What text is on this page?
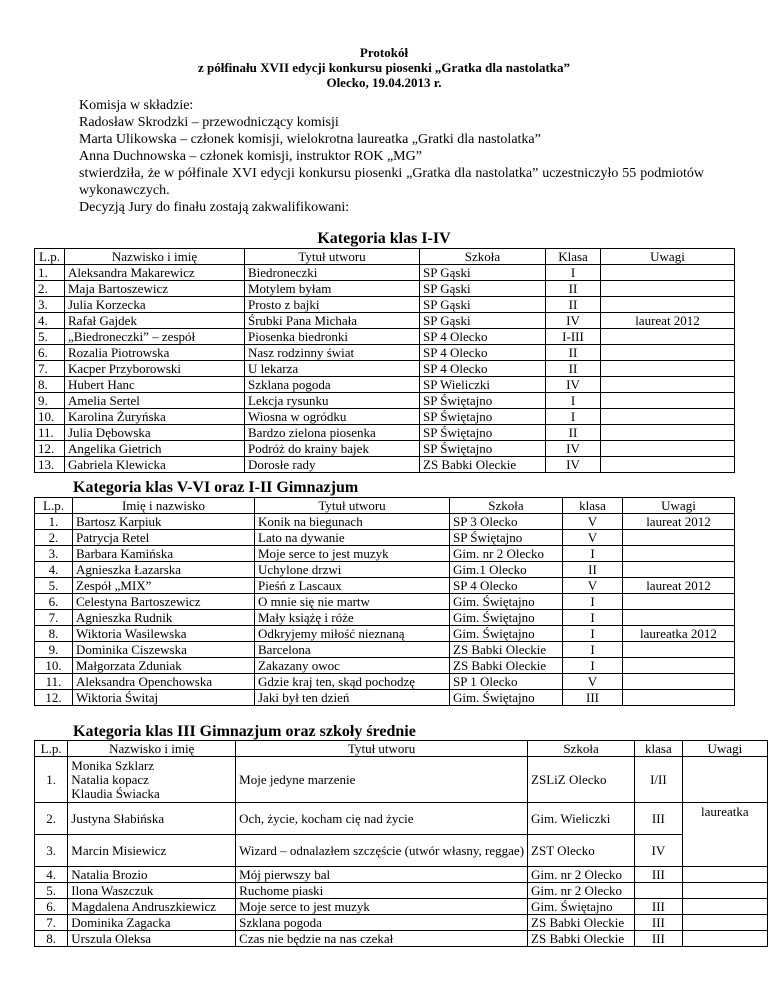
Protokół
z półfinału XVII edycji konkursu piosenki „Gratka dla nastolatka”
Olecko, 19.04.2013 r.

Komisja w składzie:

Radosław Skrodzki – przewodniczący komisji

Marta Ulikowska – członek komisji, wielokrotna laureatka „Gratki dla nastolatka”

Anna Duchnowska – członek komisji, instruktor ROK „MG”

stwierdziła, że w półfinale XVI edycji konkursu piosenki „Gratka dla nastolatka” uczestniczyło 55 podmiotów wykonawczych.

Decyzją Jury do finału zostają zakwalifikowani:

Kategoria klas I-IV
L.p.	Nazwisko i imię	Tytuł utworu	Szkoła	Klasa	Uwagi
1.	Aleksandra Makarewicz	Biedroneczki	SP Gąski	I	
2.	Maja Bartoszewicz	Motylem byłam	SP Gąski	II	
3.	Julia Korzecka	Prosto z bajki	SP Gąski	II	
4.	Rafał Gajdek	Śrubki Pana Michała	SP Gąski	IV	laureat 2012
5.	„Biedroneczki” – zespół	Piosenka biedronki	SP 4 Olecko	I-III	
6.	Rozalia Piotrowska	Nasz rodzinny świat	SP 4 Olecko	II	
7.	Kacper Przyborowski	U lekarza	SP 4 Olecko	II	
8.	Hubert Hanc	Szklana pogoda	SP Wieliczki	IV	
9.	Amelia Sertel	Lekcja rysunku	SP Świętajno	I	
10.	Karolina Żuryńska	Wiosna w ogródku	SP Świętajno	I	
11.	Julia Dębowska	Bardzo zielona piosenka	SP Świętajno	II	
12.	Angelika Gietrich	Podróż do krainy bajek	SP Świętajno	IV	
13.	Gabriela Klewicka	Dorosłe rady	ZS Babki Oleckie	IV	
Kategoria klas V-VI oraz I-II Gimnazjum
L.p.	Imię i nazwisko	Tytuł utworu	Szkoła	klasa	Uwagi
1.	Bartosz Karpiuk	Konik na biegunach	SP 3 Olecko	V	laureat 2012
2.	Patrycja Retel	Lato na dywanie	SP Świętajno	V	
3.	Barbara Kamińska	Moje serce to jest muzyk	Gim. nr 2 Olecko	I	
4.	Agnieszka Łazarska	Uchylone drzwi	Gim.1 Olecko	II	
5.	Zespół „MIX”	Pieśń z Lascaux	SP 4 Olecko	V	laureat 2012
6.	Celestyna Bartoszewicz	O mnie się nie martw	Gim. Świętajno	I	
7.	Agnieszka Rudnik	Mały książę i róże	Gim. Świętajno	I	
8.	Wiktoria Wasilewska	Odkryjemy miłość nieznaną	Gim. Świętajno	I	laureatka 2012
9.	Dominika Ciszewska	Barcelona	ZS Babki Oleckie	I	
10.	Małgorzata Zduniak	Zakazany owoc	ZS Babki Oleckie	I	
11.	Aleksandra Openchowska	Gdzie kraj ten, skąd pochodzę	SP 1 Olecko	V	
12.	Wiktoria Świtaj	Jaki był ten dzień	Gim. Świętajno	III	
Kategoria klas III Gimnazjum oraz szkoły średnie
L.p.	Nazwisko i imię	Tytuł utworu	Szkoła	klasa	Uwagi
1.	Monika Szklarz
Natalia kopacz
Klaudia Świacka	Moje jedyne marzenie	ZSLiZ Olecko	I/II	
2.	Justyna Słabińska	Och, życie, kocham cię nad życie	Gim. Wieliczki	III	laureatka
3.	Marcin Misiewicz	Wizard – odnalazłem szczęście (utwór własny, reggae)	ZST Olecko	IV	
4.	Natalia Brozio	Mój pierwszy bal	Gim. nr 2 Olecko	III	
5.	Ilona Waszczuk	Ruchome piaski	Gim. nr 2 Olecko		
6.	Magdalena Andruszkiewicz	Moje serce to jest muzyk	Gim. Świętajno	III	
7.	Dominika Zagacka	Szklana pogoda	ZS Babki Oleckie	III	
8.	Urszula Oleksa	Czas nie będzie na nas czekał	ZS Babki Oleckie	III	
